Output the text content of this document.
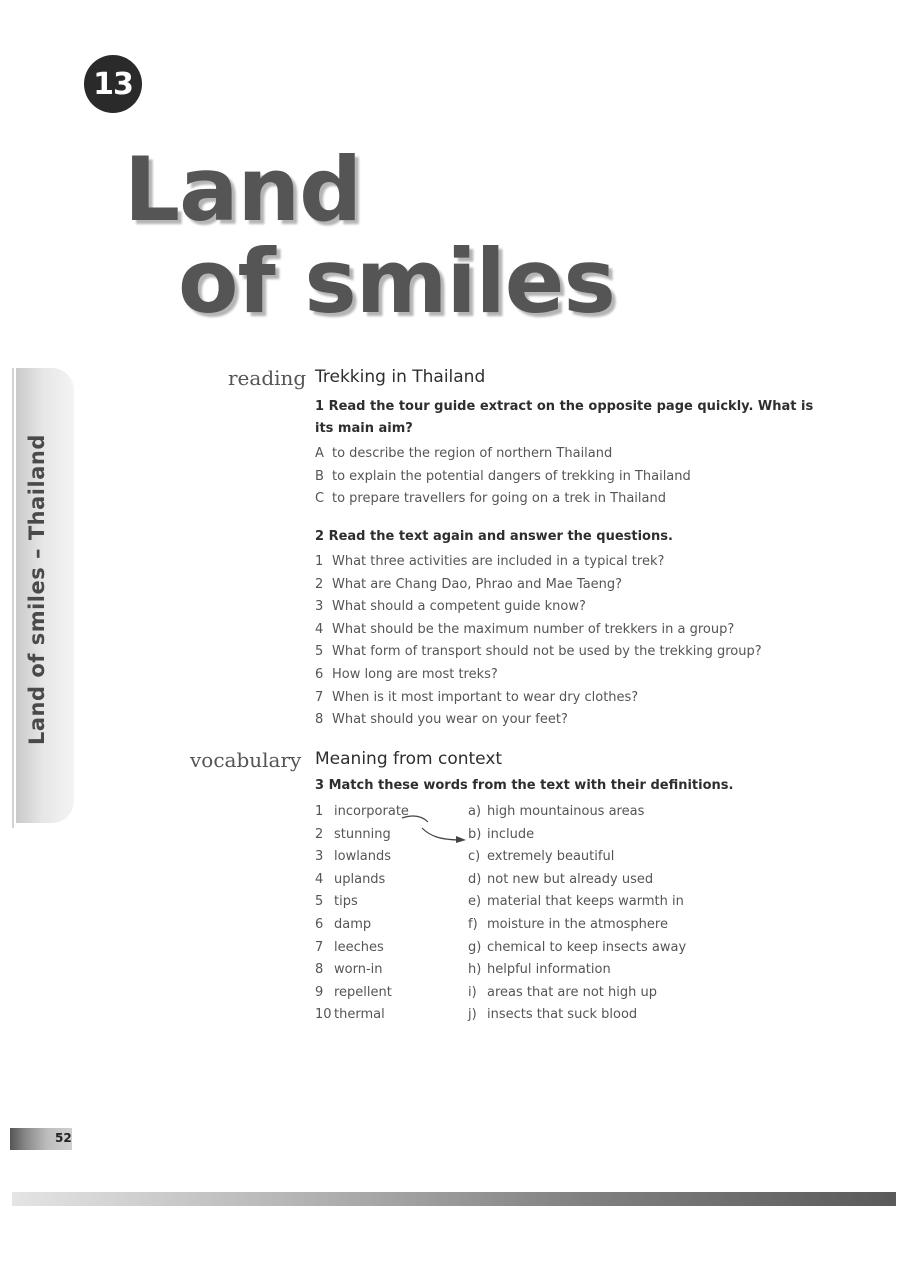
13
Land
of smiles
Land of smiles – Thailand
reading Trekking in Thailand

1 Read the tour guide extract on the opposite page quickly. What is its main aim?

A to describe the region of northern Thailand
B to explain the potential dangers of trekking in Thailand
C to prepare travellers for going on a trek in Thailand

2 Read the text again and answer the questions.

1 What three activities are included in a typical trek?
2 What are Chang Dao, Phrao and Mae Taeng?
3 What should a competent guide know?
4 What should be the maximum number of trekkers in a group?
5 What form of transport should not be used by the trekking group?
6 How long are most treks?
7 When is it most important to wear dry clothes?
8 What should you wear on your feet?
vocabulary Meaning from context

3 Match these words from the text with their definitions.

1 incorporate
2 stunning
3 lowlands
4 uplands
5 tips
6 damp
7 leeches
8 worn-in
9 repellent
10 thermal
a) high mountainous areas
b) include
c) extremely beautiful
d) not new but already used
e) material that keeps warmth in
f) moisture in the atmosphere
g) chemical to keep insects away
h) helpful information
i) areas that are not high up
j) insects that suck blood
52
